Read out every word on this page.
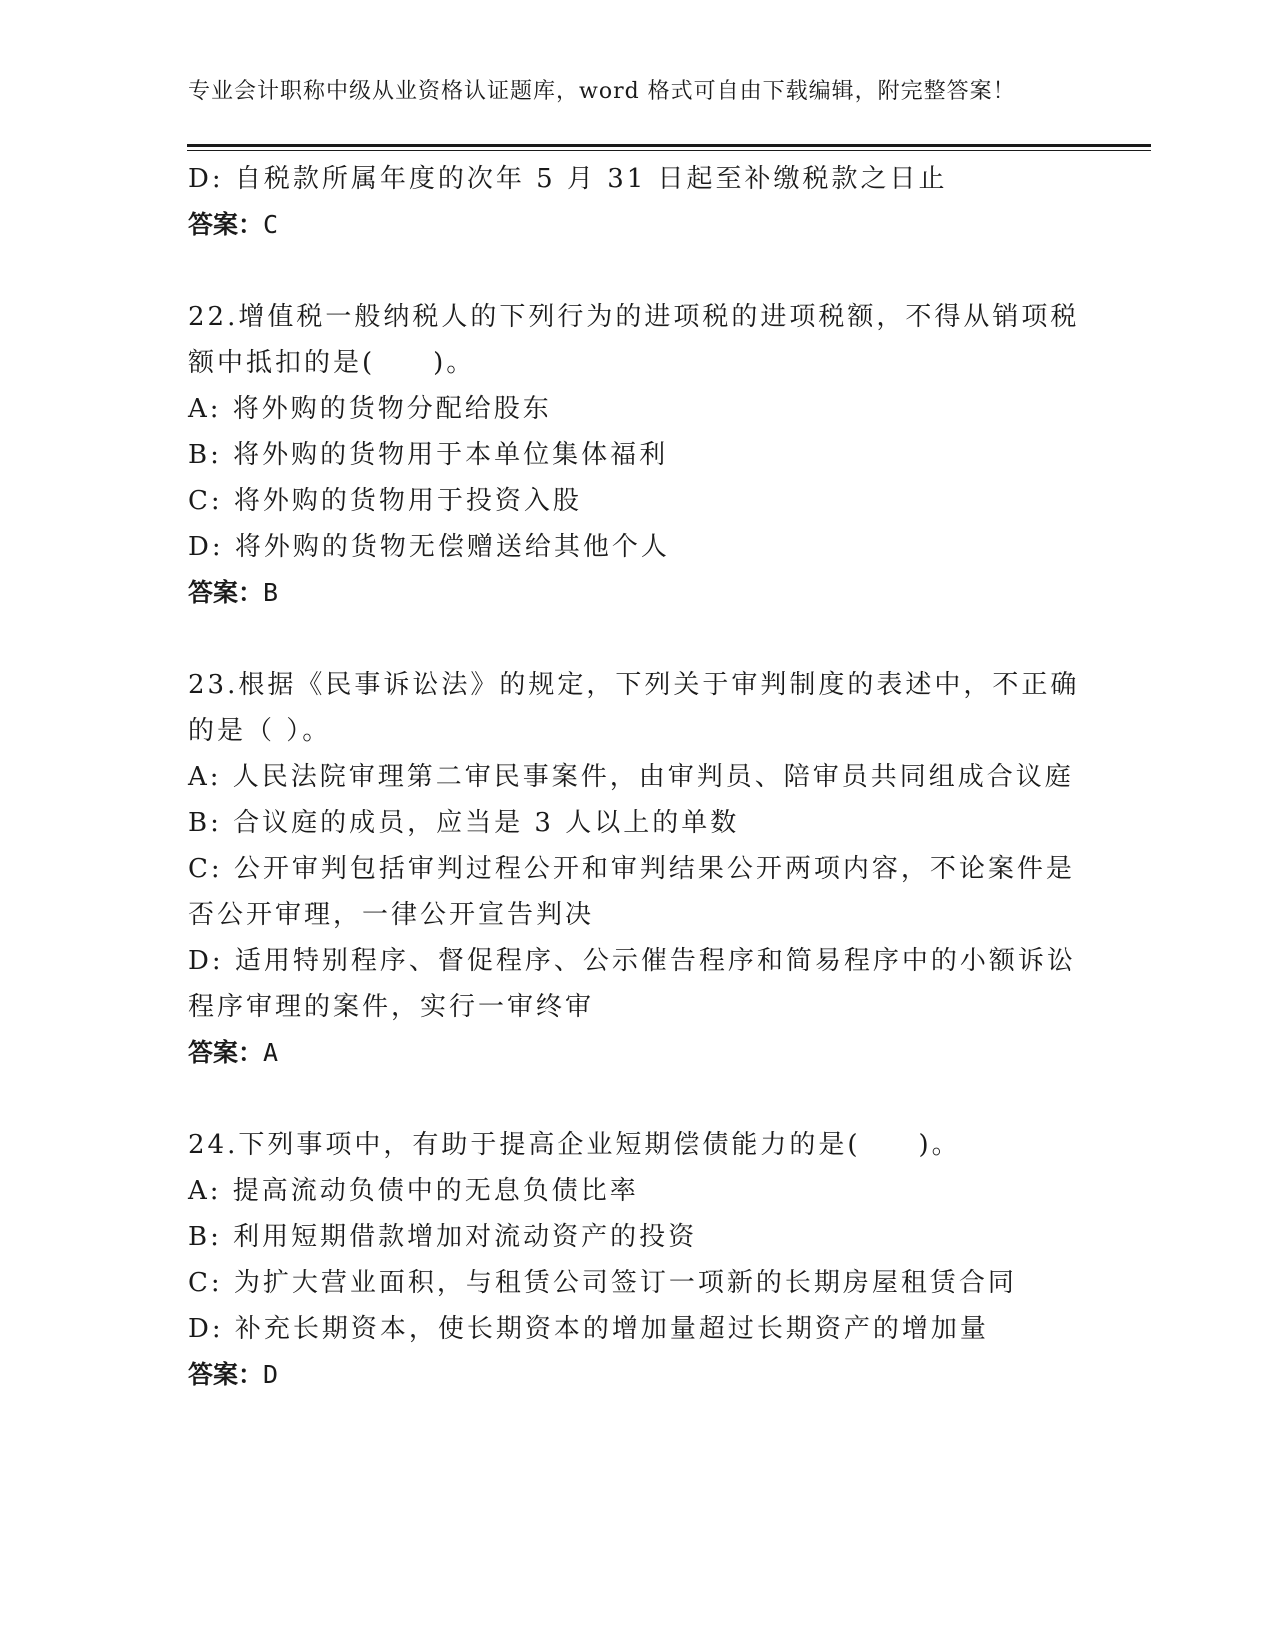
专业会计职称中级从业资格认证题库，word 格式可自由下载编辑，附完整答案！
D: 自税款所属年度的次年 5 月 31 日起至补缴税款之日止
答案：C
22.增值税一般纳税人的下列行为的进项税的进项税额，不得从销项税
额中抵扣的是(　　)。
A: 将外购的货物分配给股东
B: 将外购的货物用于本单位集体福利
C: 将外购的货物用于投资入股
D: 将外购的货物无偿赠送给其他个人
答案：B
23.根据《民事诉讼法》的规定，下列关于审判制度的表述中，不正确
的是（ ）。
A: 人民法院审理第二审民事案件，由审判员、陪审员共同组成合议庭
B: 合议庭的成员，应当是 3 人以上的单数
C: 公开审判包括审判过程公开和审判结果公开两项内容，不论案件是
否公开审理，一律公开宣告判决
D: 适用特别程序、督促程序、公示催告程序和简易程序中的小额诉讼
程序审理的案件，实行一审终审
答案：A
24.下列事项中，有助于提高企业短期偿债能力的是(　　)。
A: 提高流动负债中的无息负债比率
B: 利用短期借款增加对流动资产的投资
C: 为扩大营业面积，与租赁公司签订一项新的长期房屋租赁合同
D: 补充长期资本，使长期资本的增加量超过长期资产的增加量
答案：D
